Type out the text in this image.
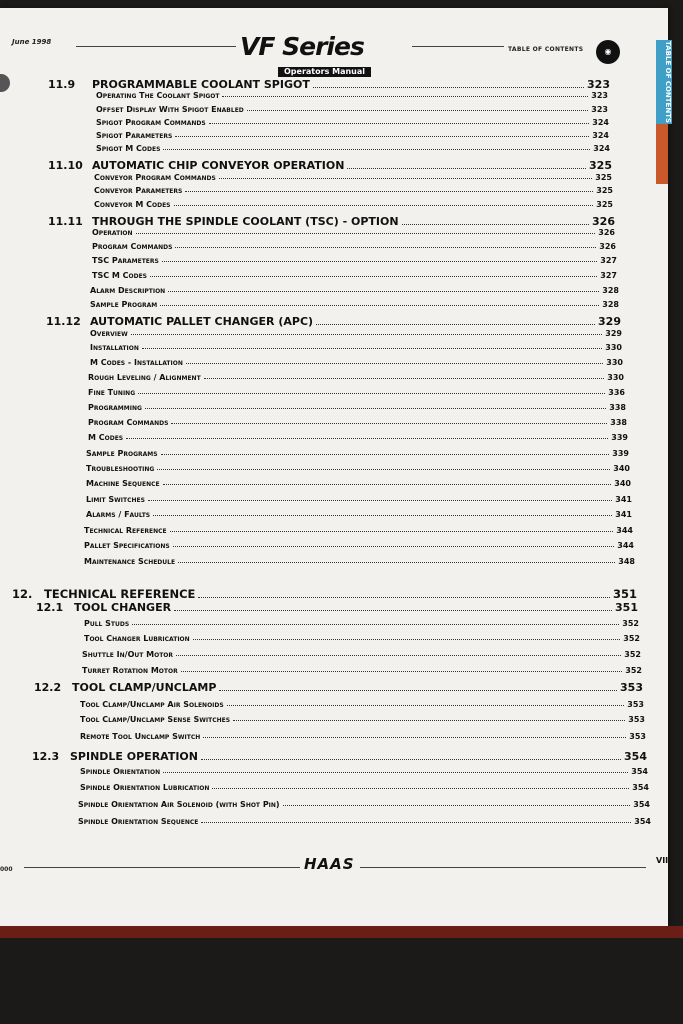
TABLE OF CONTENTS
June 1998	VF Series
Operators Manual
TABLE OF CONTENTS	◉
11.9	PROGRAMMABLE COOLANT SPIGOT	323
Operating The Coolant Spigot	323
Offset Display With Spigot Enabled	323
Spigot Program Commands	324
Spigot Parameters	324
Spigot M Codes	324
11.10 AUTOMATIC CHIP CONVEYOR OPERATION	325
Conveyor Program Commands	325
Conveyor Parameters	325
Conveyor M Codes	325
11.11 THROUGH THE SPINDLE COOLANT (TSC) - OPTION	326
Operation	326
Program Commands	326
TSC Parameters	327
TSC M Codes	327
Alarm Description	328
Sample Program	328
11.12 AUTOMATIC PALLET CHANGER (APC)	329
Overview	329
Installation	330
M Codes - Installation	330
Rough Leveling / Alignment	330
Fine Tuning	336
Programming	338
Program Commands	338
M Codes	339
Sample Programs	339
Troubleshooting	340
Machine Sequence	340
Limit Switches	341
Alarms / Faults	341
Technical Reference	344
Pallet Specifications	344
Maintenance Schedule	348
12.	TECHNICAL REFERENCE	351
12.1 TOOL CHANGER	351
Pull Studs	352
Tool Changer Lubrication	352
Shuttle In/Out Motor	352
Turret Rotation Motor	352
12.2 TOOL CLAMP/UNCLAMP	353
Tool Clamp/Unclamp Air Solenoids	353
Tool Clamp/Unclamp Sense Switches	353
Remote Tool Unclamp Switch	353
12.3 SPINDLE OPERATION	354
Spindle Orientation	354
Spindle Orientation Lubrication	354
Spindle Orientation Air Solenoid (with Shot Pin)	354
Spindle Orientation Sequence	354
000	HAAS	VII
